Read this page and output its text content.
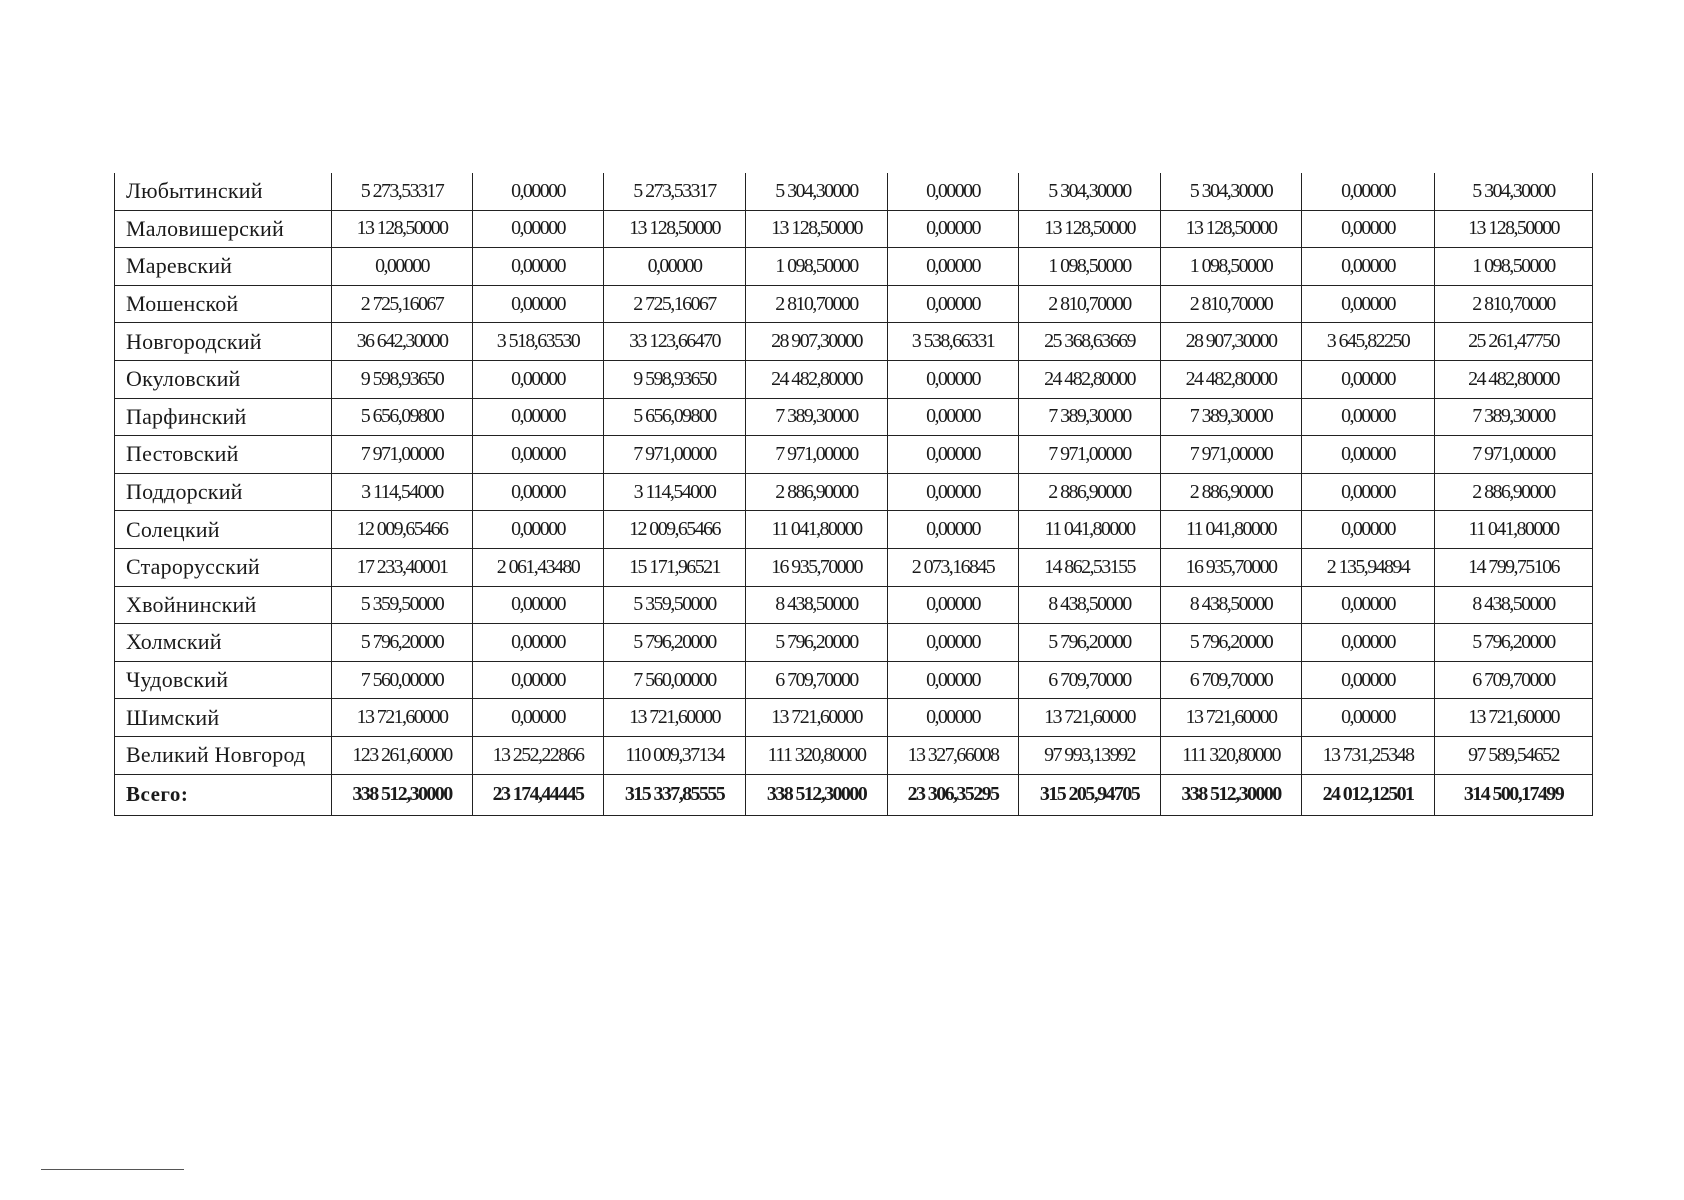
Любытинский	5 273,53317	0,00000	5 273,53317	5 304,30000	0,00000	5 304,30000	5 304,30000	0,00000	5 304,30000
Маловишерский	13 128,50000	0,00000	13 128,50000	13 128,50000	0,00000	13 128,50000	13 128,50000	0,00000	13 128,50000
Маревский	0,00000	0,00000	0,00000	1 098,50000	0,00000	1 098,50000	1 098,50000	0,00000	1 098,50000
Мошенской	2 725,16067	0,00000	2 725,16067	2 810,70000	0,00000	2 810,70000	2 810,70000	0,00000	2 810,70000
Новгородский	36 642,30000	3 518,63530	33 123,66470	28 907,30000	3 538,66331	25 368,63669	28 907,30000	3 645,82250	25 261,47750
Окуловский	9 598,93650	0,00000	9 598,93650	24 482,80000	0,00000	24 482,80000	24 482,80000	0,00000	24 482,80000
Парфинский	5 656,09800	0,00000	5 656,09800	7 389,30000	0,00000	7 389,30000	7 389,30000	0,00000	7 389,30000
Пестовский	7 971,00000	0,00000	7 971,00000	7 971,00000	0,00000	7 971,00000	7 971,00000	0,00000	7 971,00000
Поддорский	3 114,54000	0,00000	3 114,54000	2 886,90000	0,00000	2 886,90000	2 886,90000	0,00000	2 886,90000
Солецкий	12 009,65466	0,00000	12 009,65466	11 041,80000	0,00000	11 041,80000	11 041,80000	0,00000	11 041,80000
Старорусский	17 233,40001	2 061,43480	15 171,96521	16 935,70000	2 073,16845	14 862,53155	16 935,70000	2 135,94894	14 799,75106
Хвойнинский	5 359,50000	0,00000	5 359,50000	8 438,50000	0,00000	8 438,50000	8 438,50000	0,00000	8 438,50000
Холмский	5 796,20000	0,00000	5 796,20000	5 796,20000	0,00000	5 796,20000	5 796,20000	0,00000	5 796,20000
Чудовский	7 560,00000	0,00000	7 560,00000	6 709,70000	0,00000	6 709,70000	6 709,70000	0,00000	6 709,70000
Шимский	13 721,60000	0,00000	13 721,60000	13 721,60000	0,00000	13 721,60000	13 721,60000	0,00000	13 721,60000
Великий Новгород	123 261,60000	13 252,22866	110 009,37134	111 320,80000	13 327,66008	97 993,13992	111 320,80000	13 731,25348	97 589,54652
Всего:	338 512,30000	23 174,44445	315 337,85555	338 512,30000	23 306,35295	315 205,94705	338 512,30000	24 012,12501	314 500,17499
